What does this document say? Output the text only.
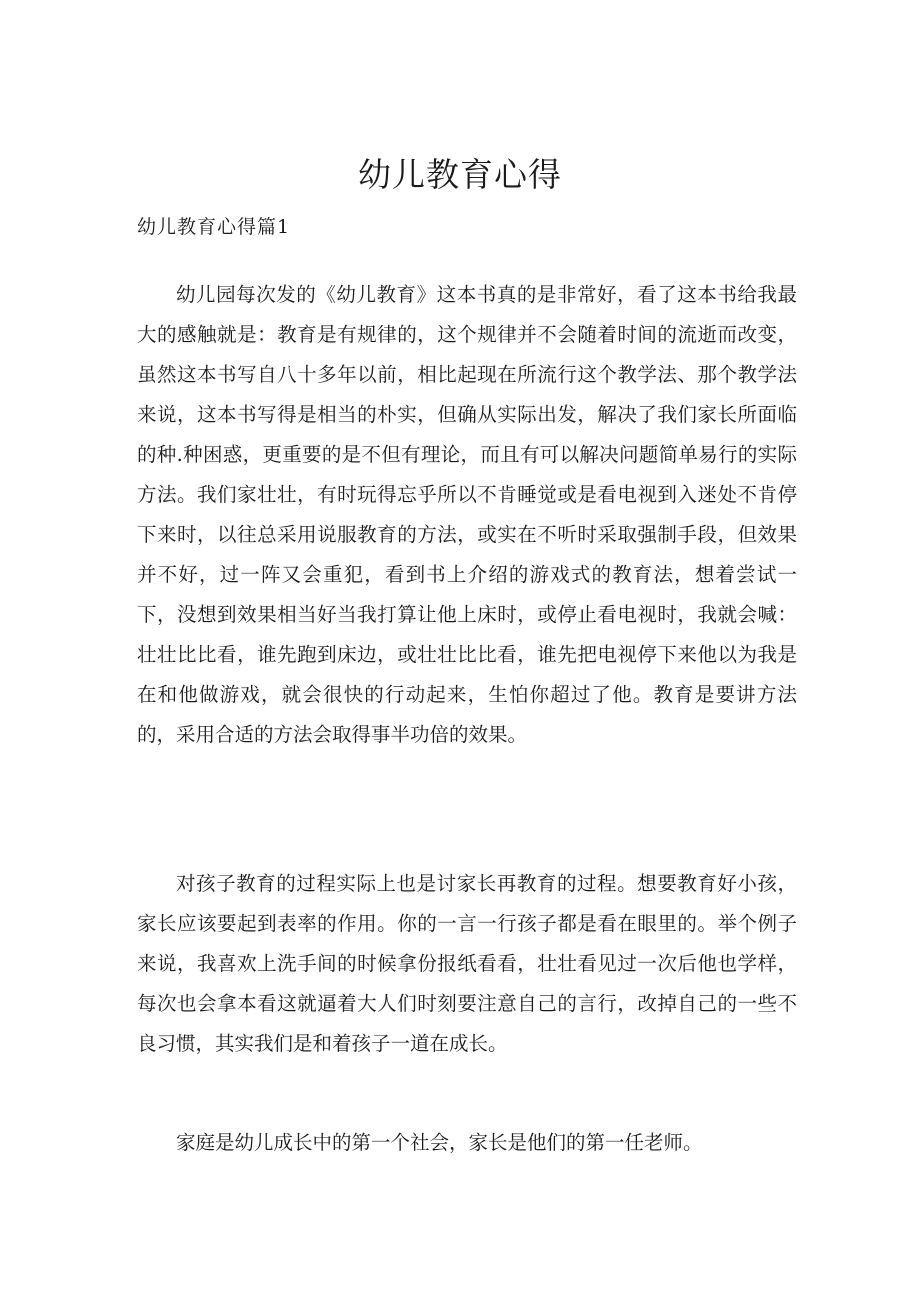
幼儿教育心得
幼儿教育心得篇1

幼儿园每次发的《幼儿教育》这本书真的是非常好，看了这本书给我最大的感触就是：教育是有规律的，这个规律并不会随着时间的流逝而改变，虽然这本书写自八十多年以前，相比起现在所流行这个教学法、那个教学法来说，这本书写得是相当的朴实，但确从实际出发，解决了我们家长所面临的种.种困惑，更重要的是不但有理论，而且有可以解决问题简单易行的实际方法。我们家壮壮，有时玩得忘乎所以不肯睡觉或是看电视到入迷处不肯停下来时，以往总采用说服教育的方法，或实在不听时采取强制手段，但效果并不好，过一阵又会重犯，看到书上介绍的游戏式的教育法，想着尝试一下，没想到效果相当好当我打算让他上床时，或停止看电视时，我就会喊：壮壮比比看，谁先跑到床边，或壮壮比比看，谁先把电视停下来他以为我是在和他做游戏，就会很快的行动起来，生怕你超过了他。教育是要讲方法的，采用合适的方法会取得事半功倍的效果。

对孩子教育的过程实际上也是讨家长再教育的过程。想要教育好小孩，家长应该要起到表率的作用。你的一言一行孩子都是看在眼里的。举个例子来说，我喜欢上洗手间的时候拿份报纸看看，壮壮看见过一次后他也学样，每次也会拿本看这就逼着大人们时刻要注意自己的言行，改掉自己的一些不良习惯，其实我们是和着孩子一道在成长。

家庭是幼儿成长中的第一个社会，家长是他们的第一任老师。
